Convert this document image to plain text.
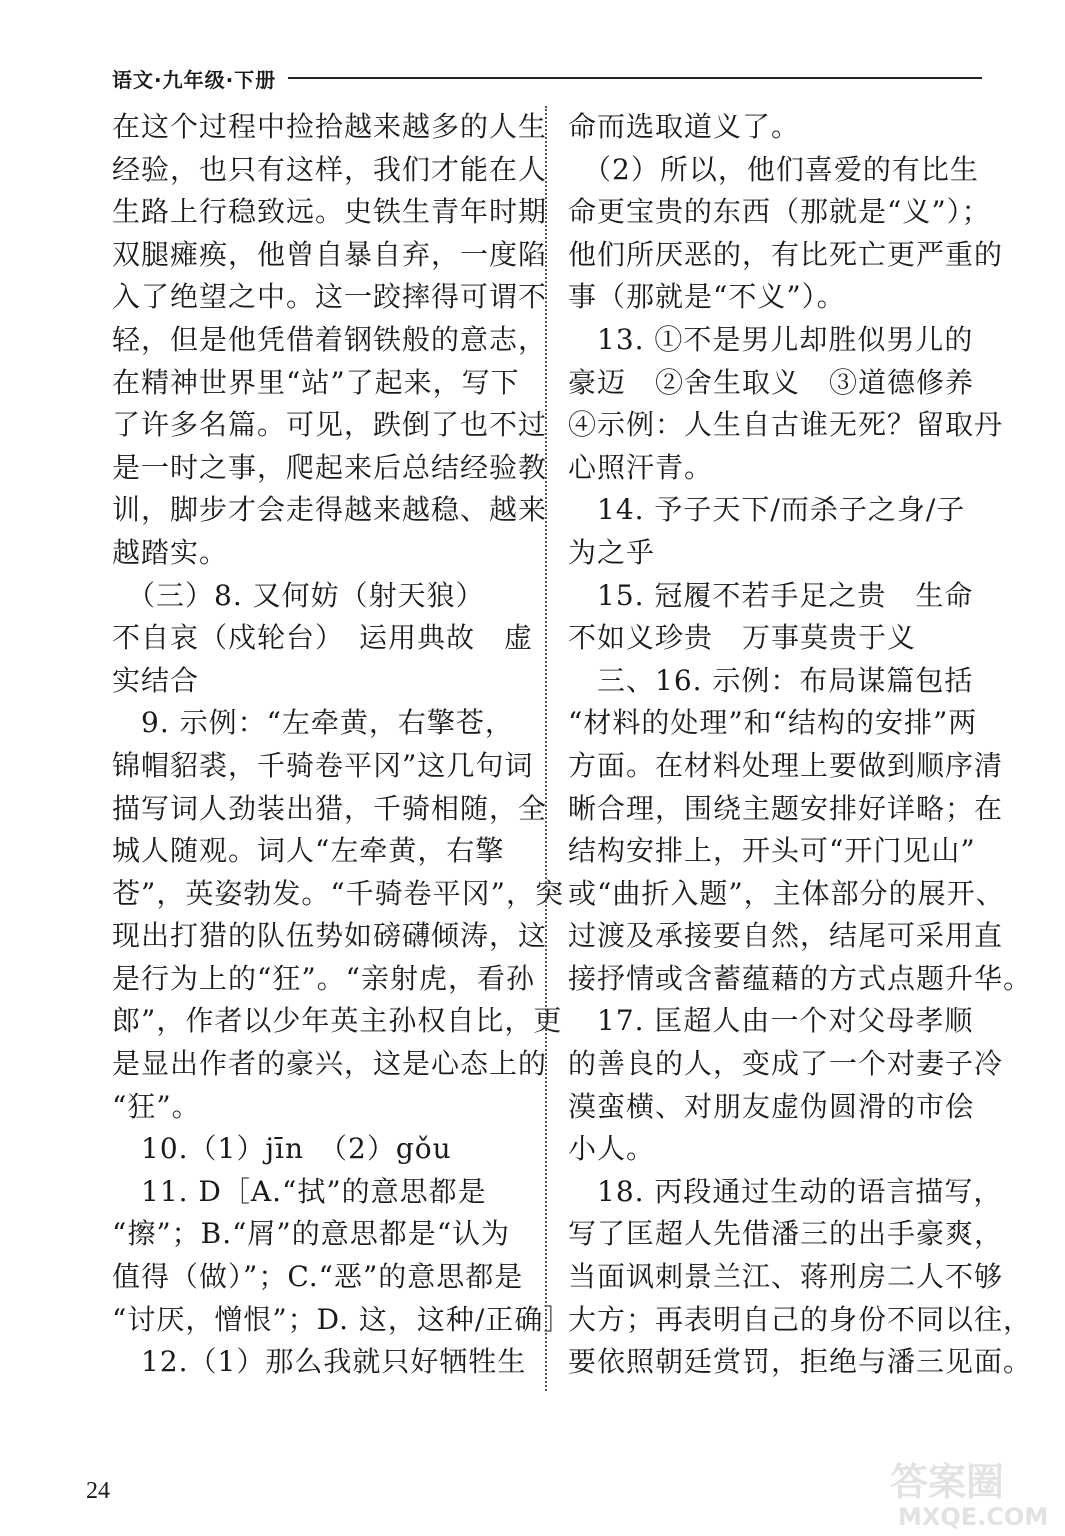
语文·九年级·下册
在这个过程中捡拾越来越多的人生
经验，也只有这样，我们才能在人
生路上行稳致远。史铁生青年时期
双腿瘫痪，他曾自暴自弃，一度陷
入了绝望之中。这一跤摔得可谓不
轻，但是他凭借着钢铁般的意志，
在精神世界里“站”了起来，写下
了许多名篇。可见，跌倒了也不过
是一时之事，爬起来后总结经验教
训，脚步才会走得越来越稳、越来
越踏实。
　（三）8. 又何妨（射天狼）
不自哀（戍轮台）　运用典故　虚
实结合
　9. 示例：“左牵黄，右擎苍，
锦帽貂裘，千骑卷平冈”这几句词
描写词人劲装出猎，千骑相随，全
城人随观。词人“左牵黄，右擎
苍”，英姿勃发。“千骑卷平冈”，突
现出打猎的队伍势如磅礴倾涛，这
是行为上的“狂”。“亲射虎，看孙
郎”，作者以少年英主孙权自比，更
是显出作者的豪兴，这是心态上的
“狂”。
　10.（1）jīn　（2）gǒu
　11. D［A.“拭”的意思都是
“擦”；B.“屑”的意思都是“认为
值得（做）”；C.“恶”的意思都是
“讨厌，憎恨”；D. 这，这种/正确］
　12.（1）那么我就只好牺牲生
命而选取道义了。
　（2）所以，他们喜爱的有比生
命更宝贵的东西（那就是“义”）；
他们所厌恶的，有比死亡更严重的
事（那就是“不义”）。
　13. ①不是男儿却胜似男儿的
豪迈　②舍生取义　③道德修养
④示例：人生自古谁无死？留取丹
心照汗青。
　14. 予子天下/而杀子之身/子
为之乎
　15. 冠履不若手足之贵　生命
不如义珍贵　万事莫贵于义
　三、16. 示例：布局谋篇包括
“材料的处理”和“结构的安排”两
方面。在材料处理上要做到顺序清
晰合理，围绕主题安排好详略；在
结构安排上，开头可“开门见山”
或“曲折入题”，主体部分的展开、
过渡及承接要自然，结尾可采用直
接抒情或含蓄蕴藉的方式点题升华。
　17. 匡超人由一个对父母孝顺
的善良的人，变成了一个对妻子冷
漠蛮横、对朋友虚伪圆滑的市侩
小人。
　18. 丙段通过生动的语言描写，
写了匡超人先借潘三的出手豪爽，
当面讽刺景兰江、蒋刑房二人不够
大方；再表明自己的身份不同以往，
要依照朝廷赏罚，拒绝与潘三见面。
24	答案圈
MXQE.COM
